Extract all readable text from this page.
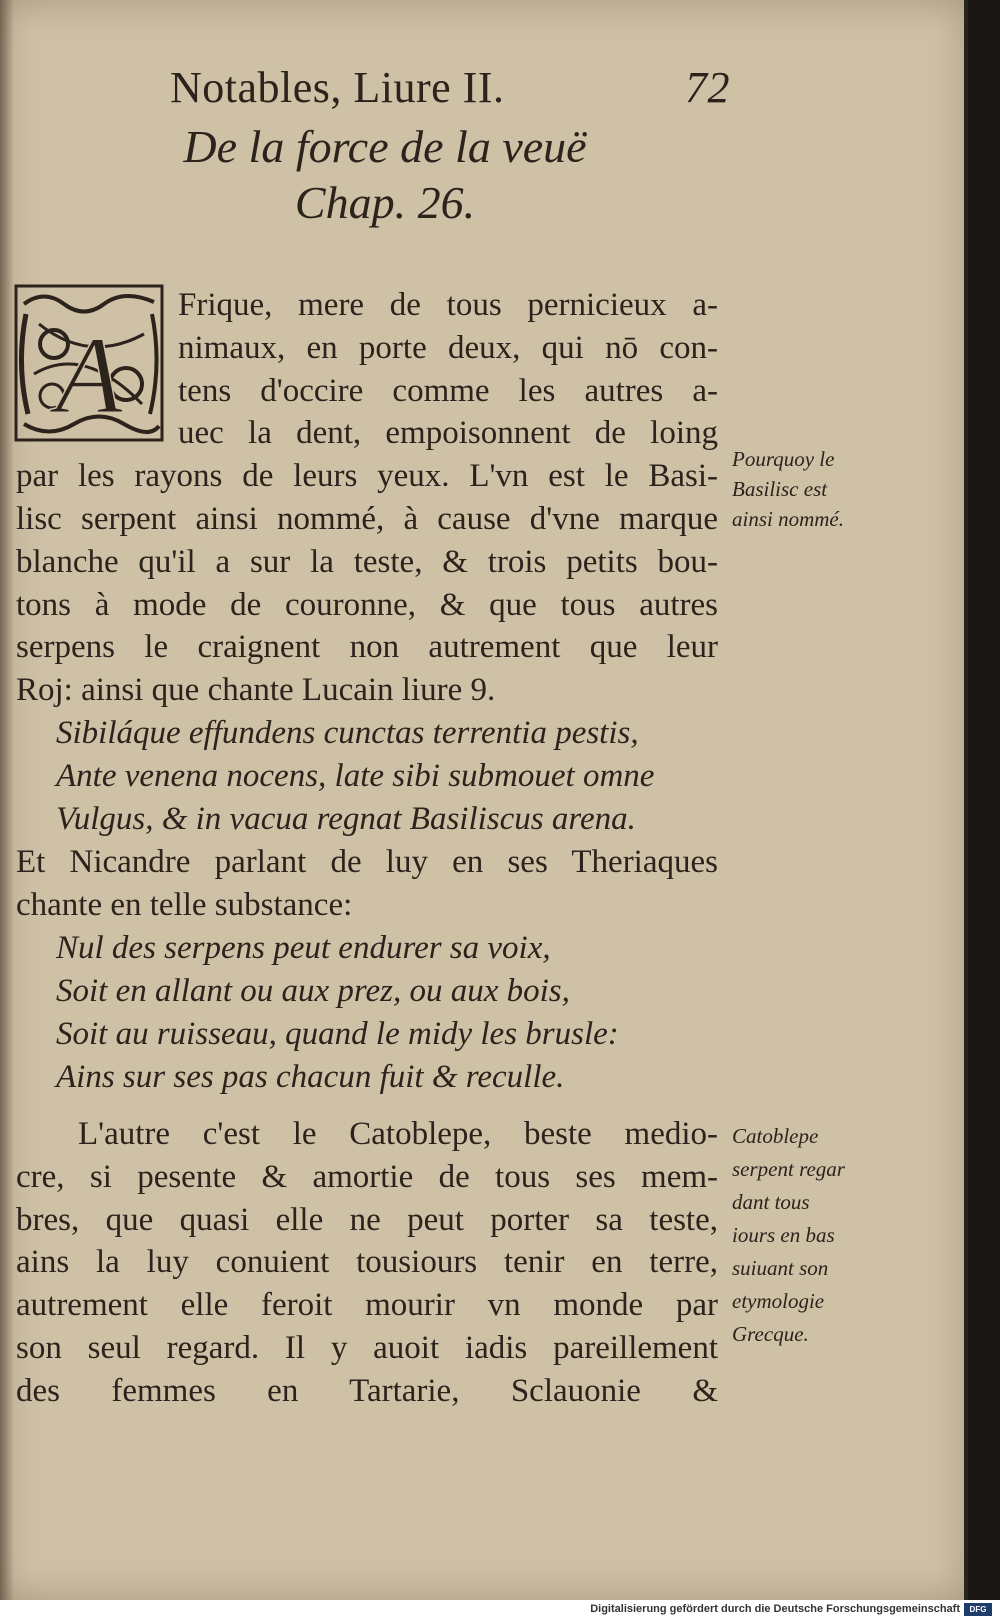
Notables, Liure II.	72
De la force de la veuë
Chap. 26.
A
Frique, mere de tous pernicieux a-
nimaux, en porte deux, qui nō con-
tens d'occire comme les autres a-
uec la dent, empoisonnent de loing
par les rayons de leurs yeux. L'vn est le Basi-
lisc serpent ainsi nommé, à cause d'vne marque
blanche qu'il a sur la teste, & trois petits bou-
tons à mode de couronne, & que tous autres
serpens le craignent non autrement que leur
Roj: ainsi que chante Lucain liure 9.
Sibiláque effundens cunctas terrentia pestis,
Ante venena nocens, late sibi submouet omne
Vulgus, & in vacua regnat Basiliscus arena.
Et Nicandre parlant de luy en ses Theriaques
chante en telle substance:
Nul des serpens peut endurer sa voix,
Soit en allant ou aux prez, ou aux bois,
Soit au ruisseau, quand le midy les brusle:
Ains sur ses pas chacun fuit & reculle.
L'autre c'est le Catoblepe, beste medio-
cre, si pesente & amortie de tous ses mem-
bres, que quasi elle ne peut porter sa teste,
ains la luy conuient tousiours tenir en terre,
autrement elle feroit mourir vn monde par
son seul regard. Il y auoit iadis pareillement
des femmes en Tartarie, Sclauonie &
Pourquoy le
Basilisc est
ainsi nommé.
Catoblepe
serpent regar
dant tous
iours en bas
suiuant son
etymologie
Grecque.
Digitalisierung gefördert durch die Deutsche Forschungsgemeinschaft	DFG
